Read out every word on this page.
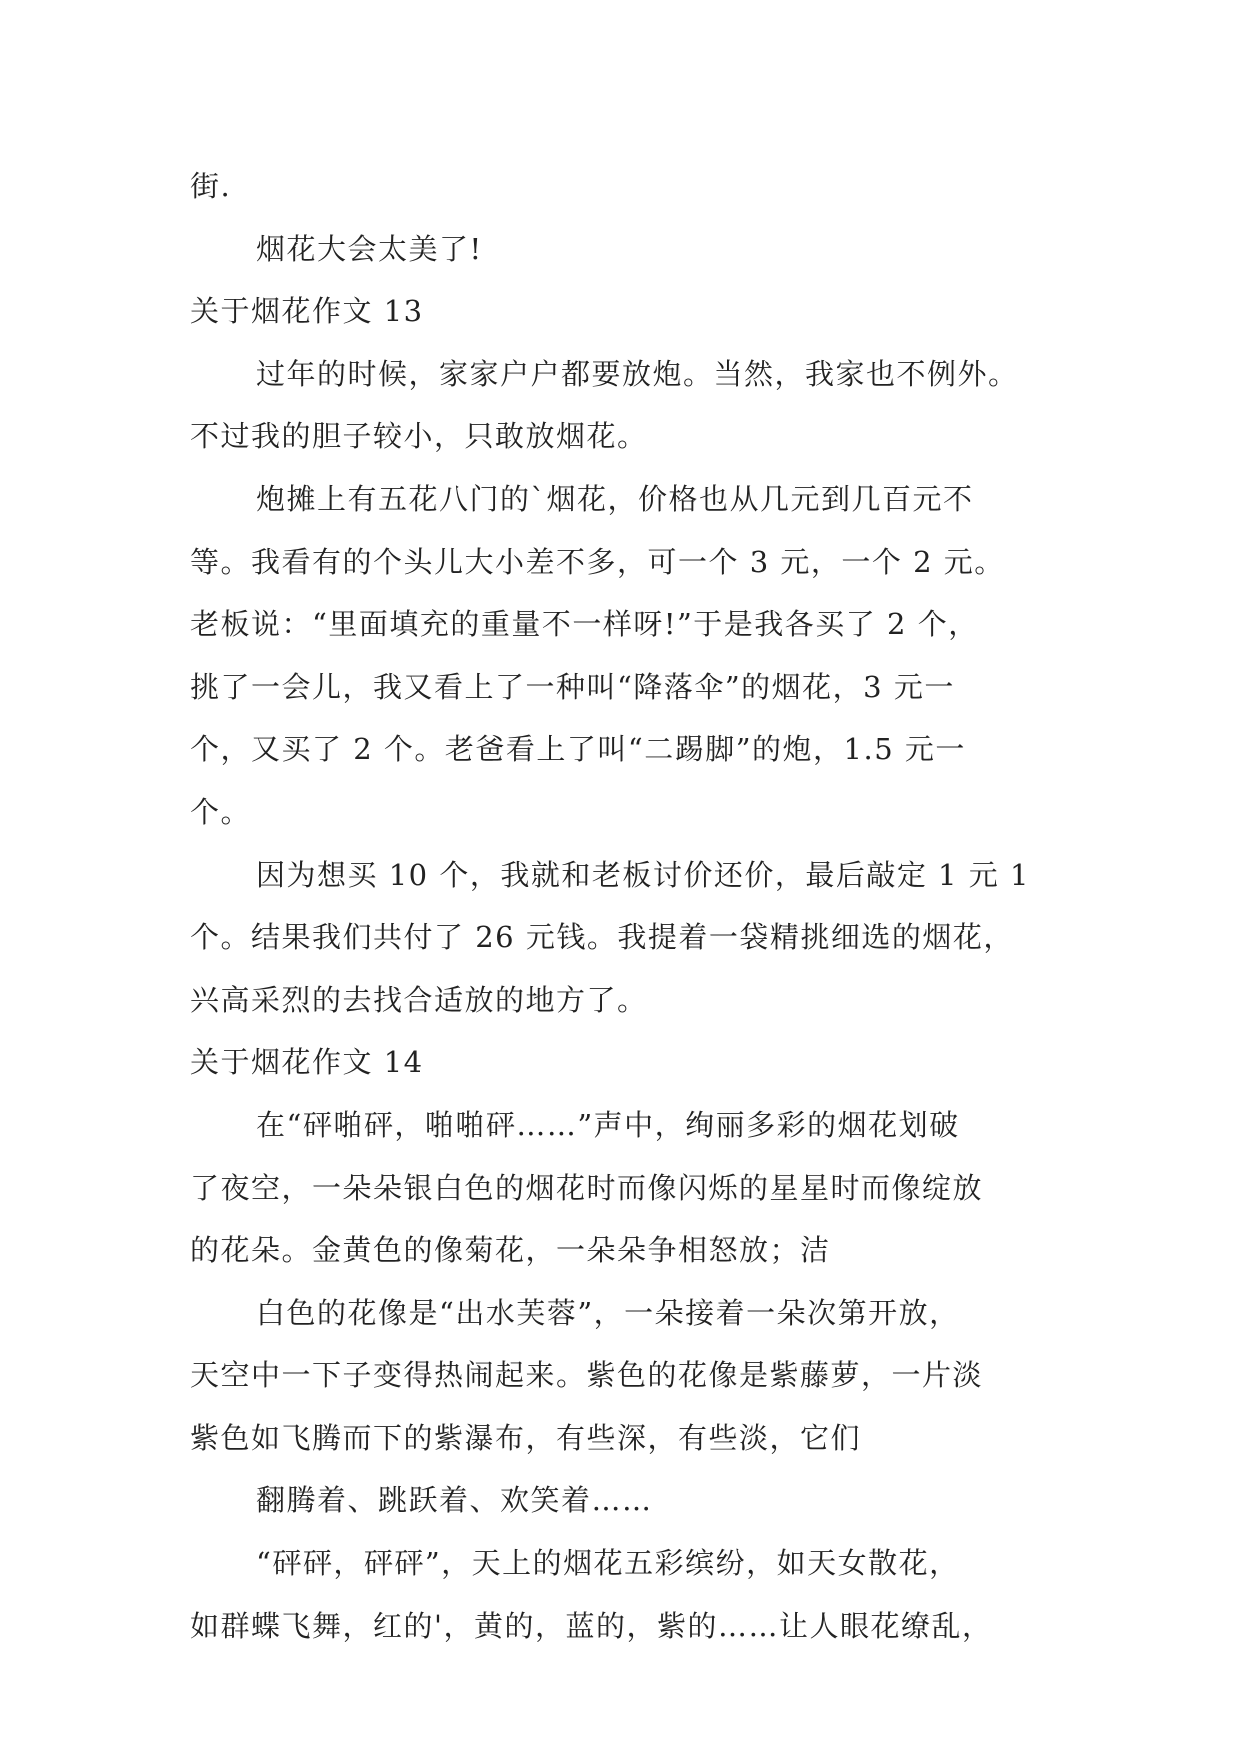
街.
烟花大会太美了!
关于烟花作文 13
过年的时候，家家户户都要放炮。当然，我家也不例外。
不过我的胆子较小，只敢放烟花。
炮摊上有五花八门的`烟花，价格也从几元到几百元不
等。我看有的个头儿大小差不多，可一个 3 元，一个 2 元。
老板说：“里面填充的重量不一样呀!”于是我各买了 2 个，
挑了一会儿，我又看上了一种叫“降落伞”的烟花，3 元一
个，又买了 2 个。老爸看上了叫“二踢脚”的炮，1.5 元一
个。
因为想买 10 个，我就和老板讨价还价，最后敲定 1 元 1
个。结果我们共付了 26 元钱。我提着一袋精挑细选的烟花，
兴高采烈的去找合适放的地方了。
关于烟花作文 14
在“砰啪砰，啪啪砰……”声中，绚丽多彩的烟花划破
了夜空，一朵朵银白色的烟花时而像闪烁的星星时而像绽放
的花朵。金黄色的像菊花，一朵朵争相怒放；洁
白色的花像是“出水芙蓉”，一朵接着一朵次第开放，
天空中一下子变得热闹起来。紫色的花像是紫藤萝，一片淡
紫色如飞腾而下的紫瀑布，有些深，有些淡，它们
翻腾着、跳跃着、欢笑着……
“砰砰，砰砰”，天上的烟花五彩缤纷，如天女散花，
如群蝶飞舞，红的'，黄的，蓝的，紫的……让人眼花缭乱，
